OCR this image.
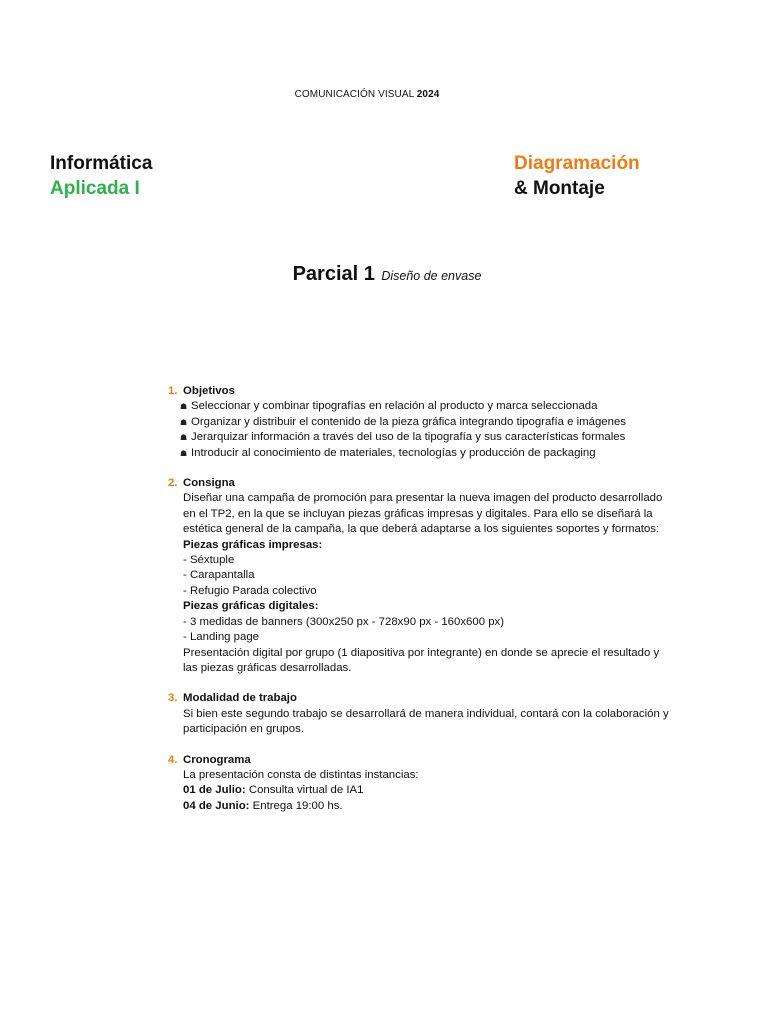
COMUNICACIÓN VISUAL 2024
Informática
Aplicada I
Diagramación
& Montaje
Parcial 1 Diseño de envase
1. Objetivos
☗ Seleccionar y combinar tipografías en relación al producto y marca seleccionada
☗ Organizar y distribuir el contenido de la pieza gráfica integrando tipografía e imágenes
☗ Jerarquizar información a través del uso de la tipografía y sus características formales
☗ Introducir al conocimiento de materiales, tecnologías y producción de packaging
2. Consigna
Diseñar una campaña de promoción para presentar la nueva imagen del producto desarrollado
en el TP2, en la que se incluyan piezas gráficas impresas y digitales. Para ello se diseñará la
estética general de la campaña, la que deberá adaptarse a los siguientes soportes y formatos:
Piezas gráficas impresas:
- Séxtuple
- Carapantalla
- Refugio Parada colectivo
Piezas gráficas digitales:
- 3 medidas de banners (300x250 px - 728x90 px - 160x600 px)
- Landing page
Presentación digital por grupo (1 diapositiva por integrante) en donde se aprecie el resultado y
las piezas gráficas desarrolladas.
3. Modalidad de trabajo
Si bien este segundo trabajo se desarrollará de manera individual, contará con la colaboración y
participación en grupos.
4. Cronograma
La presentación consta de distintas instancias:
01 de Julio: Consulta virtual de IA1
04 de Junio: Entrega 19:00 hs.
